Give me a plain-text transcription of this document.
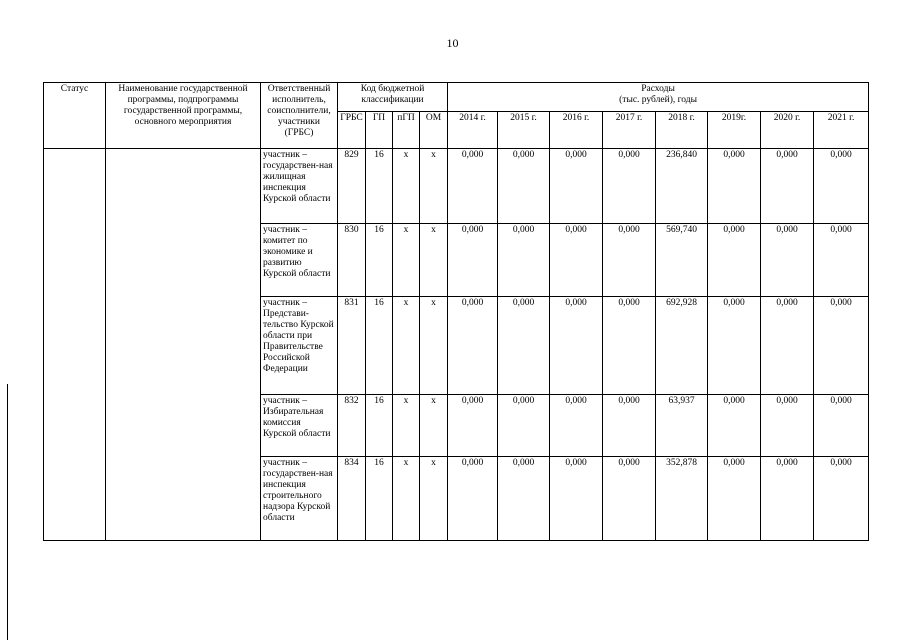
10
Статус	Наименование государственной программы, подпрограммы государственной программы, основного мероприятия	Ответственный исполнитель, соисполнители, участники (ГРБС)	Код бюджетной классификации				Расходы
(тыс. рублей), годы							
			ГРБС	ГП	пГП	ОМ	2014 г.	2015 г.	2016 г.	2017 г.	2018 г.	2019г.	2020 г.	2021 г.
		участник – государствен-ная жилищная инспекция Курской области	829	16	х	х	0,000	0,000	0,000	0,000	236,840	0,000	0,000	0,000
		участник – комитет по экономике и развитию Курской области	830	16	х	х	0,000	0,000	0,000	0,000	569,740	0,000	0,000	0,000
		участник – Представи-тельство Курской области при Правительстве Российской Федерации	831	16	х	х	0,000	0,000	0,000	0,000	692,928	0,000	0,000	0,000
		участник – Избирательная комиссия Курской области	832	16	х	х	0,000	0,000	0,000	0,000	63,937	0,000	0,000	0,000
		участник – государствен-ная инспекция строительного надзора Курской области	834	16	х	х	0,000	0,000	0,000	0,000	352,878	0,000	0,000	0,000
